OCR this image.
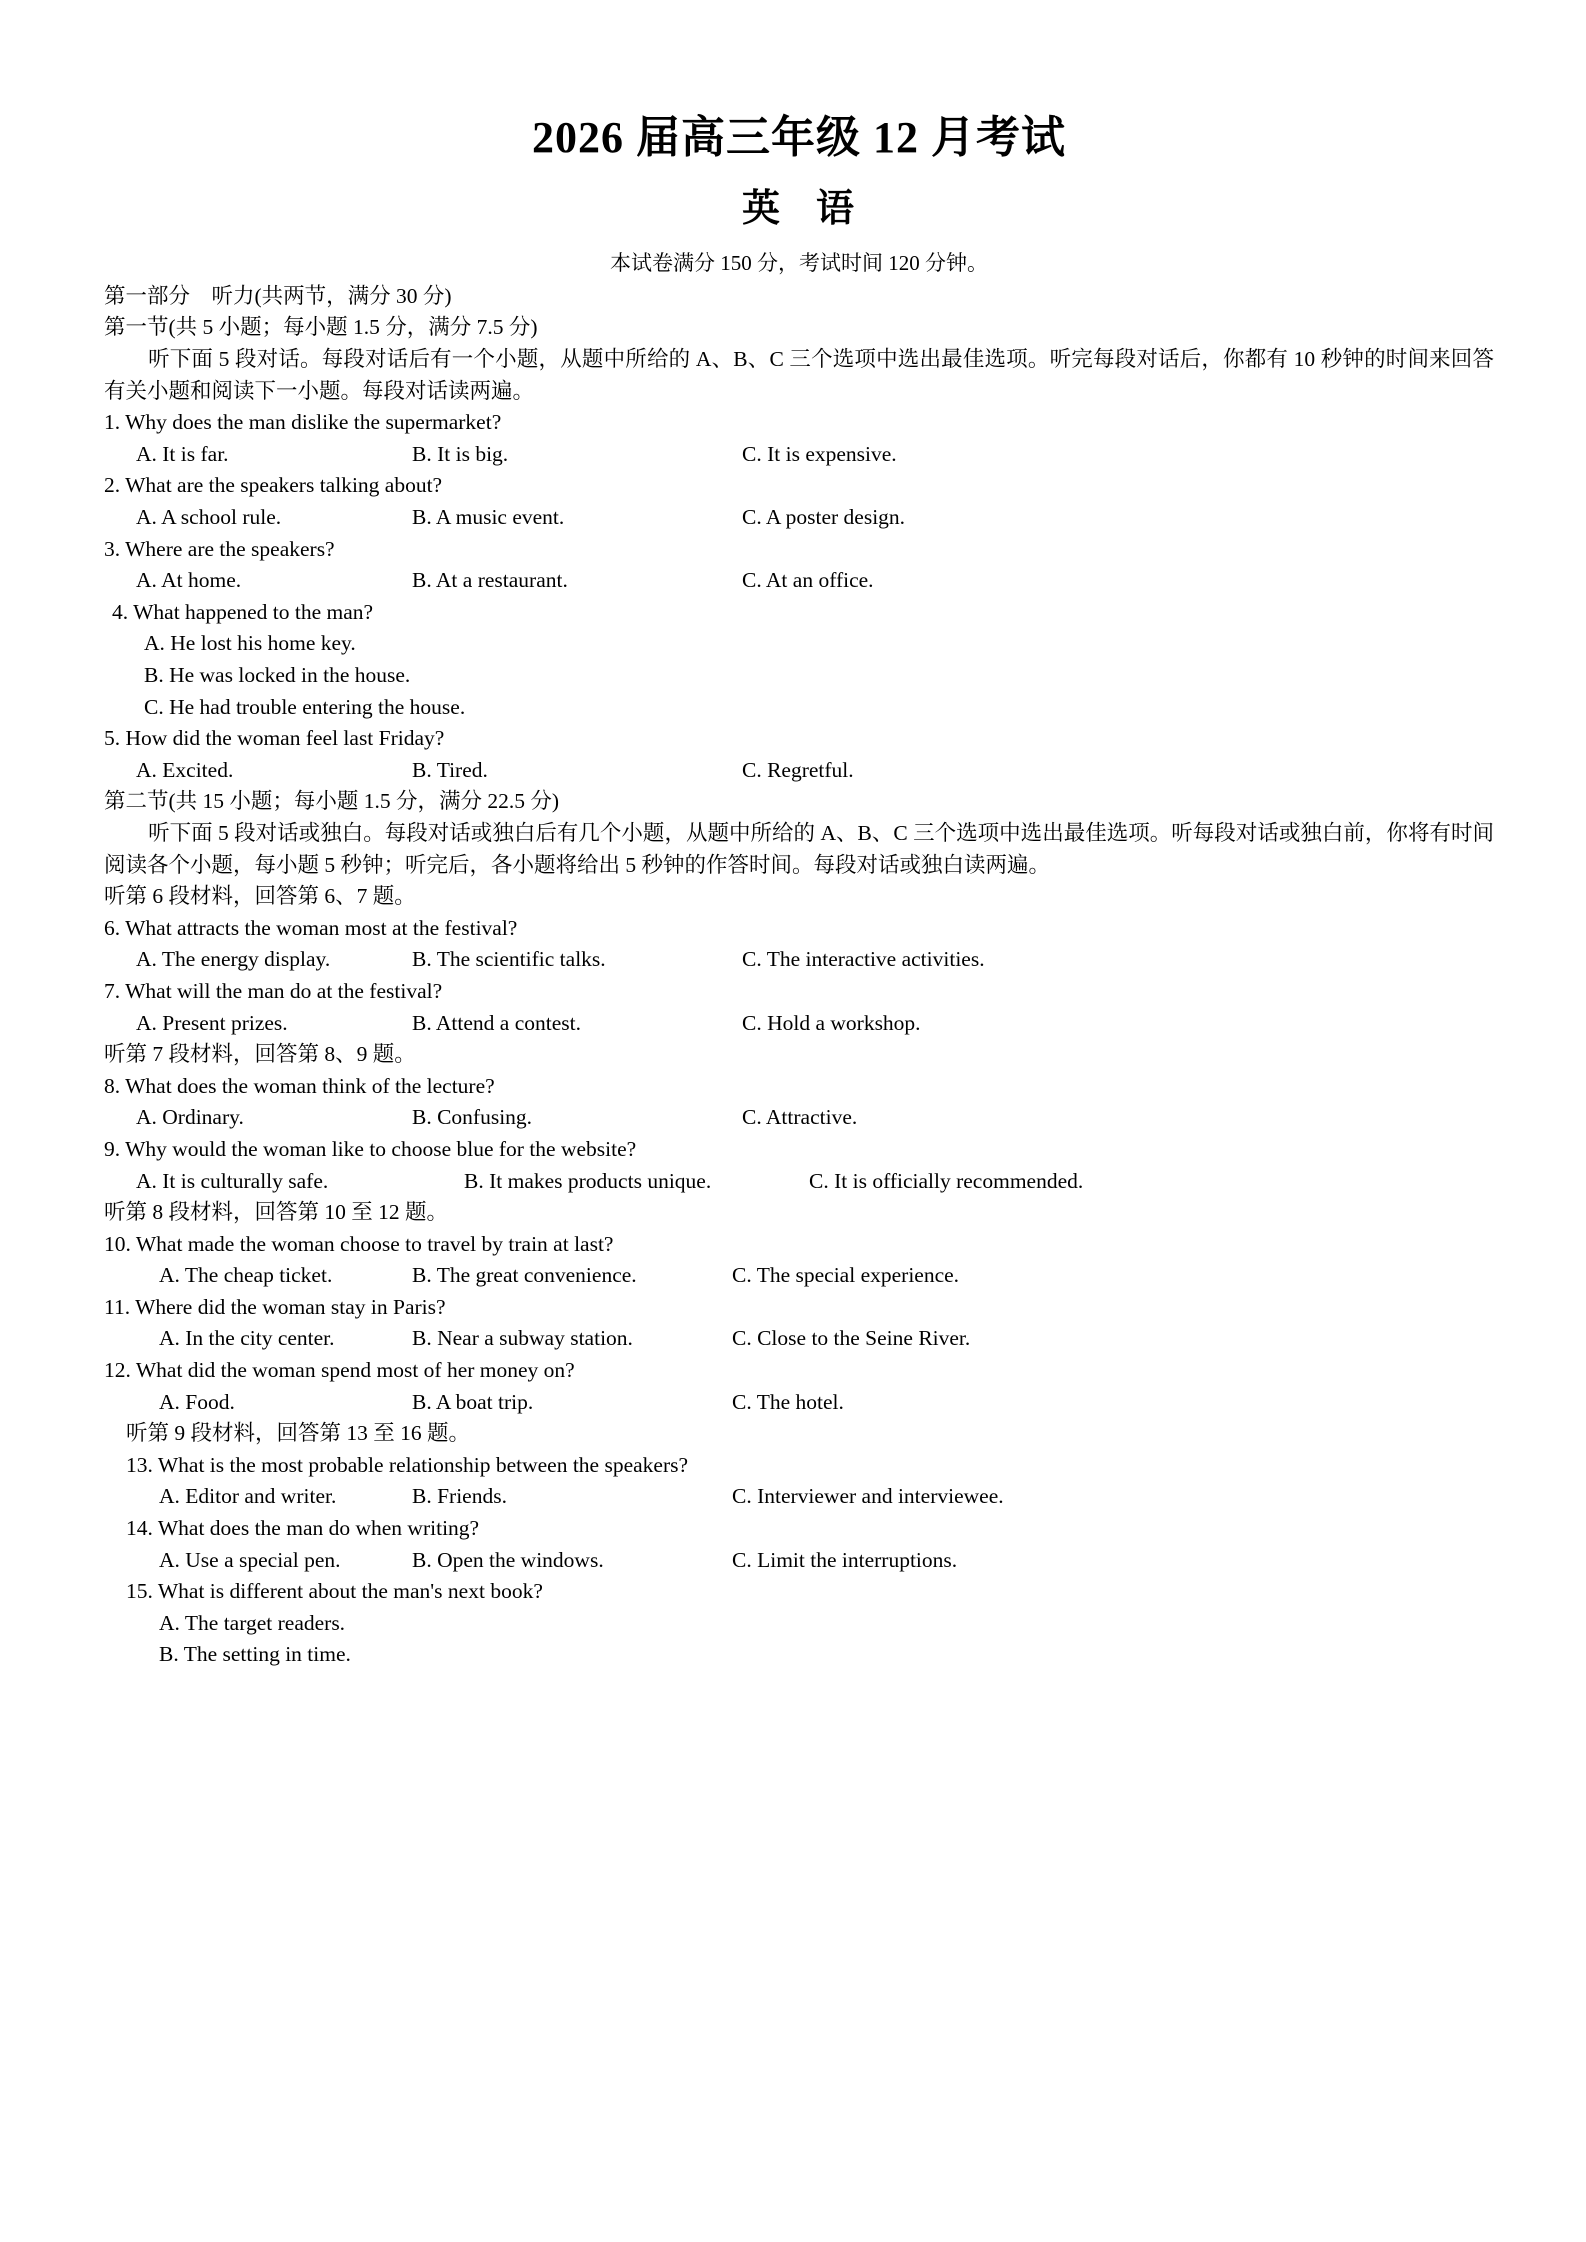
2026 届高三年级 12 月考试
英 语
本试卷满分 150 分，考试时间 120 分钟。
第一部分　听力(共两节，满分 30 分)
第一节(共 5 小题；每小题 1.5 分，满分 7.5 分)
听下面 5 段对话。每段对话后有一个小题，从题中所给的 A、B、C 三个选项中选出最佳选项。听完每段对话后，你都有 10 秒钟的时间来回答有关小题和阅读下一小题。每段对话读两遍。
1. Why does the man dislike the supermarket?
A. It is far.	B. It is big.	C. It is expensive.
2. What are the speakers talking about?
A. A school rule.	B. A music event.	C. A poster design.
3. Where are the speakers?
A. At home.	B. At a restaurant.	C. At an office.
4. What happened to the man?
A. He lost his home key.
B. He was locked in the house.
C. He had trouble entering the house.
5. How did the woman feel last Friday?
A. Excited.	B. Tired.	C. Regretful.
第二节(共 15 小题；每小题 1.5 分，满分 22.5 分)
听下面 5 段对话或独白。每段对话或独白后有几个小题，从题中所给的 A、B、C 三个选项中选出最佳选项。听每段对话或独白前，你将有时间阅读各个小题，每小题 5 秒钟；听完后，各小题将给出 5 秒钟的作答时间。每段对话或独白读两遍。
听第 6 段材料，回答第 6、7 题。
6. What attracts the woman most at the festival?
A. The energy display.	B. The scientific talks.	C. The interactive activities.
7. What will the man do at the festival?
A. Present prizes.	B. Attend a contest.	C. Hold a workshop.
听第 7 段材料，回答第 8、9 题。
8. What does the woman think of the lecture?
A. Ordinary.	B. Confusing.	C. Attractive.
9. Why would the woman like to choose blue for the website?
A. It is culturally safe.	B. It makes products unique.	C. It is officially recommended.
听第 8 段材料，回答第 10 至 12 题。
10. What made the woman choose to travel by train at last?
A. The cheap ticket.	B. The great convenience.	C. The special experience.
11. Where did the woman stay in Paris?
A. In the city center.	B. Near a subway station.	C. Close to the Seine River.
12. What did the woman spend most of her money on?
A. Food.	B. A boat trip.	C. The hotel.
听第 9 段材料，回答第 13 至 16 题。
13. What is the most probable relationship between the speakers?
A. Editor and writer.	B. Friends.	C. Interviewer and interviewee.
14. What does the man do when writing?
A. Use a special pen.	B. Open the windows.	C. Limit the interruptions.
15. What is different about the man's next book?
A. The target readers.
B. The setting in time.
